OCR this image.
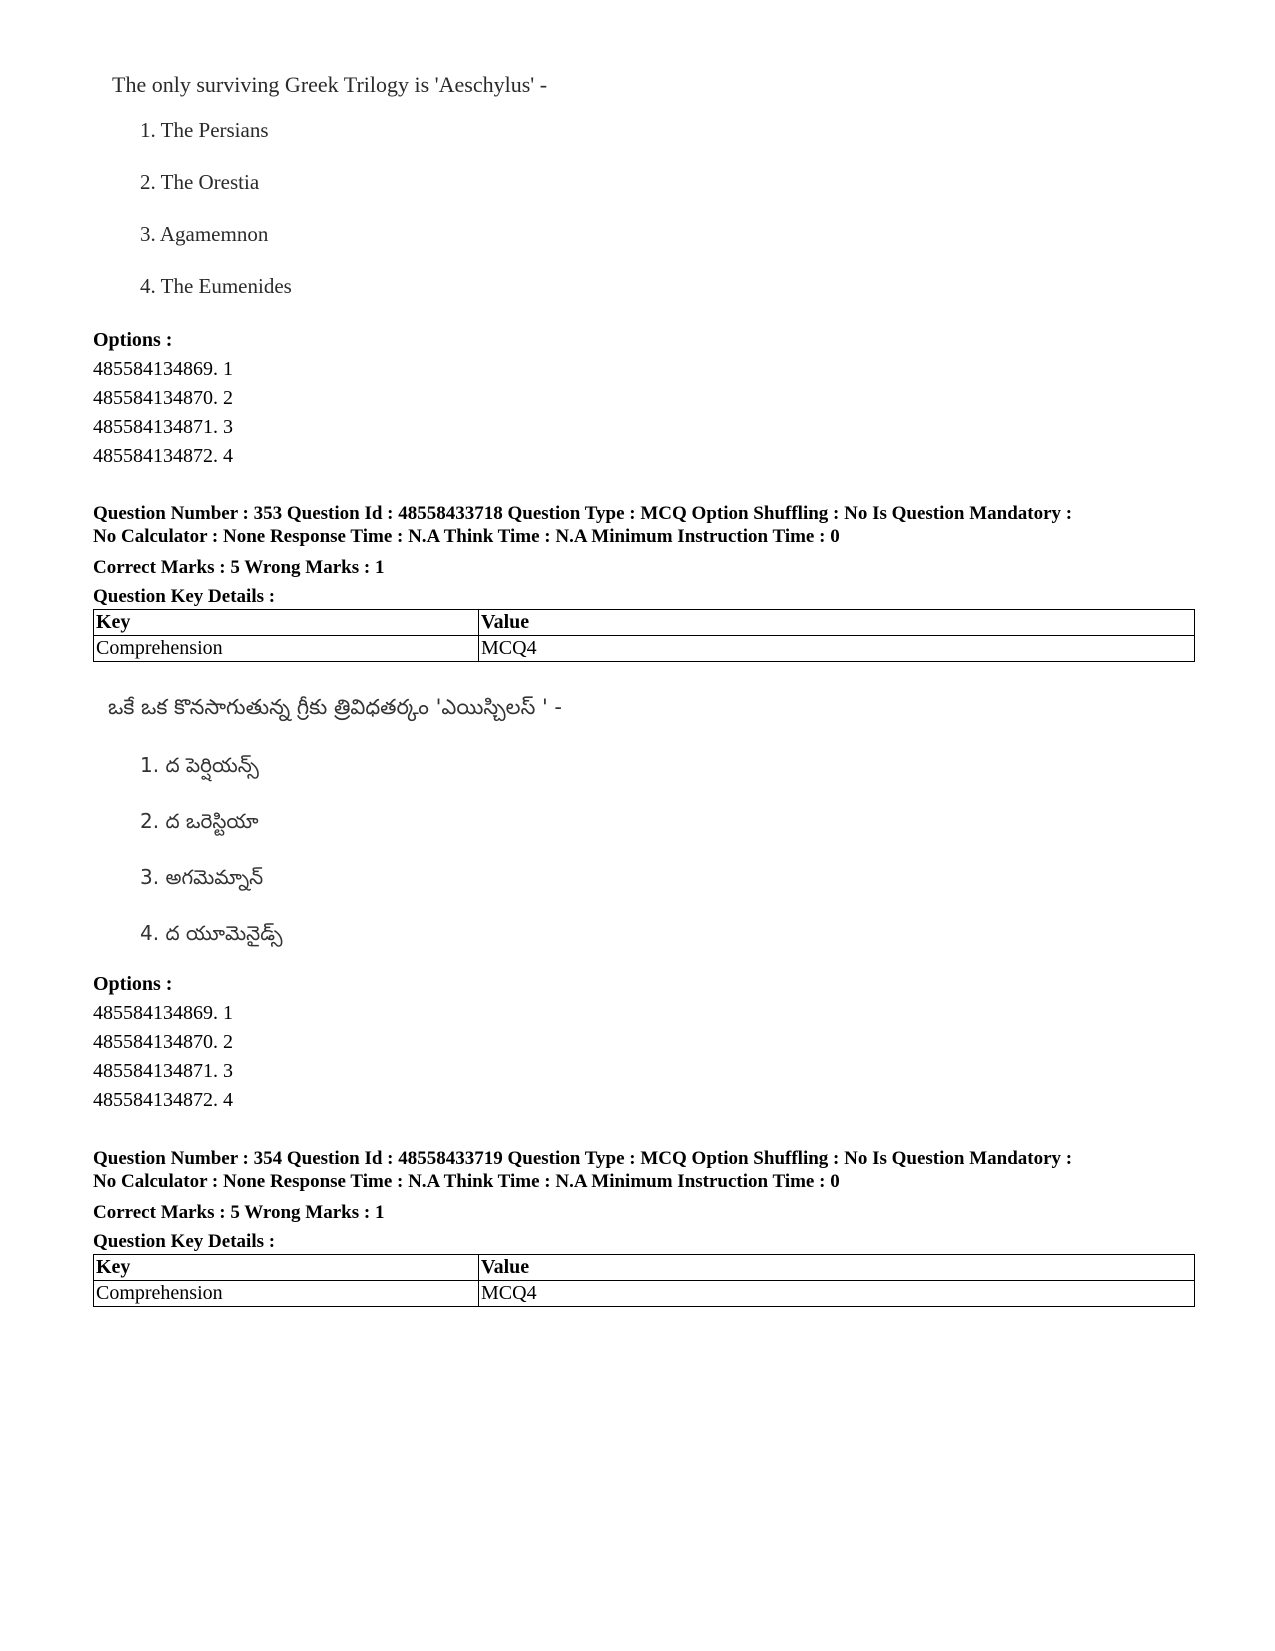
The only surviving Greek Trilogy is 'Aeschylus' -
1. The Persians
2. The Orestia
3. Agamemnon
4. The Eumenides
Options :
485584134869. 1
485584134870. 2
485584134871. 3
485584134872. 4
Question Number : 353 Question Id : 48558433718 Question Type : MCQ Option Shuffling : No Is Question Mandatory :
No Calculator : None Response Time : N.A Think Time : N.A Minimum Instruction Time : 0
Correct Marks : 5 Wrong Marks : 1
Question Key Details :
Key	Value
Comprehension	MCQ4
ఒకే ఒక కొనసాగుతున్న గ్రీకు త్రివిధతర్కం 'ఎయిస్చిలస్ ' -
1. ద పెర్షియన్స్
2. ద ఒరెస్టియా
3. అగమెమ్నాన్
4. ద యూమెనైడ్స్
Options :
485584134869. 1
485584134870. 2
485584134871. 3
485584134872. 4
Question Number : 354 Question Id : 48558433719 Question Type : MCQ Option Shuffling : No Is Question Mandatory :
No Calculator : None Response Time : N.A Think Time : N.A Minimum Instruction Time : 0
Correct Marks : 5 Wrong Marks : 1
Question Key Details :
Key	Value
Comprehension	MCQ4
